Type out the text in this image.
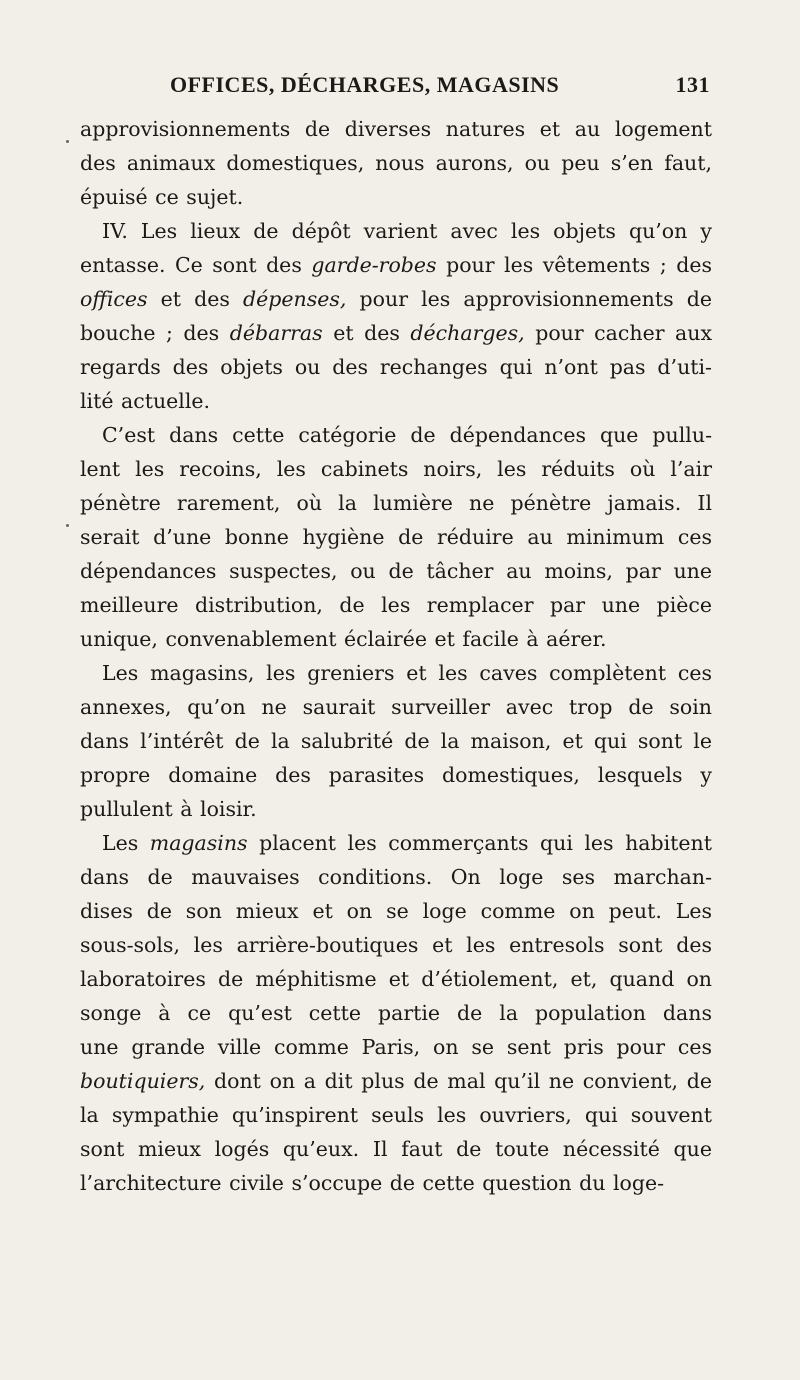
OFFICES, DÉCHARGES, MAGASINS	131
approvisionnements de diverses natures et au logement
des animaux domestiques, nous aurons, ou peu s’en faut,
épuisé ce sujet.
IV. Les lieux de dépôt varient avec les objets qu’on y
entasse. Ce sont des garde-robes pour les vêtements ; des
offices et des dépenses, pour les approvisionnements de
bouche ; des débarras et des décharges, pour cacher aux
regards des objets ou des rechanges qui n’ont pas d’uti-
lité actuelle.
C’est dans cette catégorie de dépendances que pullu-
lent les recoins, les cabinets noirs, les réduits où l’air
pénètre rarement, où la lumière ne pénètre jamais. Il
serait d’une bonne hygiène de réduire au minimum ces
dépendances suspectes, ou de tâcher au moins, par une
meilleure distribution, de les remplacer par une pièce
unique, convenablement éclairée et facile à aérer.
Les magasins, les greniers et les caves complètent ces
annexes, qu’on ne saurait surveiller avec trop de soin
dans l’intérêt de la salubrité de la maison, et qui sont le
propre domaine des parasites domestiques, lesquels y
pullulent à loisir.
Les magasins placent les commerçants qui les habitent
dans de mauvaises conditions. On loge ses marchan-
dises de son mieux et on se loge comme on peut. Les
sous-sols, les arrière-boutiques et les entresols sont des
laboratoires de méphitisme et d’étiolement, et, quand on
songe à ce qu’est cette partie de la population dans
une grande ville comme Paris, on se sent pris pour ces
boutiquiers, dont on a dit plus de mal qu’il ne convient, de
la sympathie qu’inspirent seuls les ouvriers, qui souvent
sont mieux logés qu’eux. Il faut de toute nécessité que
l’architecture civile s’occupe de cette question du loge-
